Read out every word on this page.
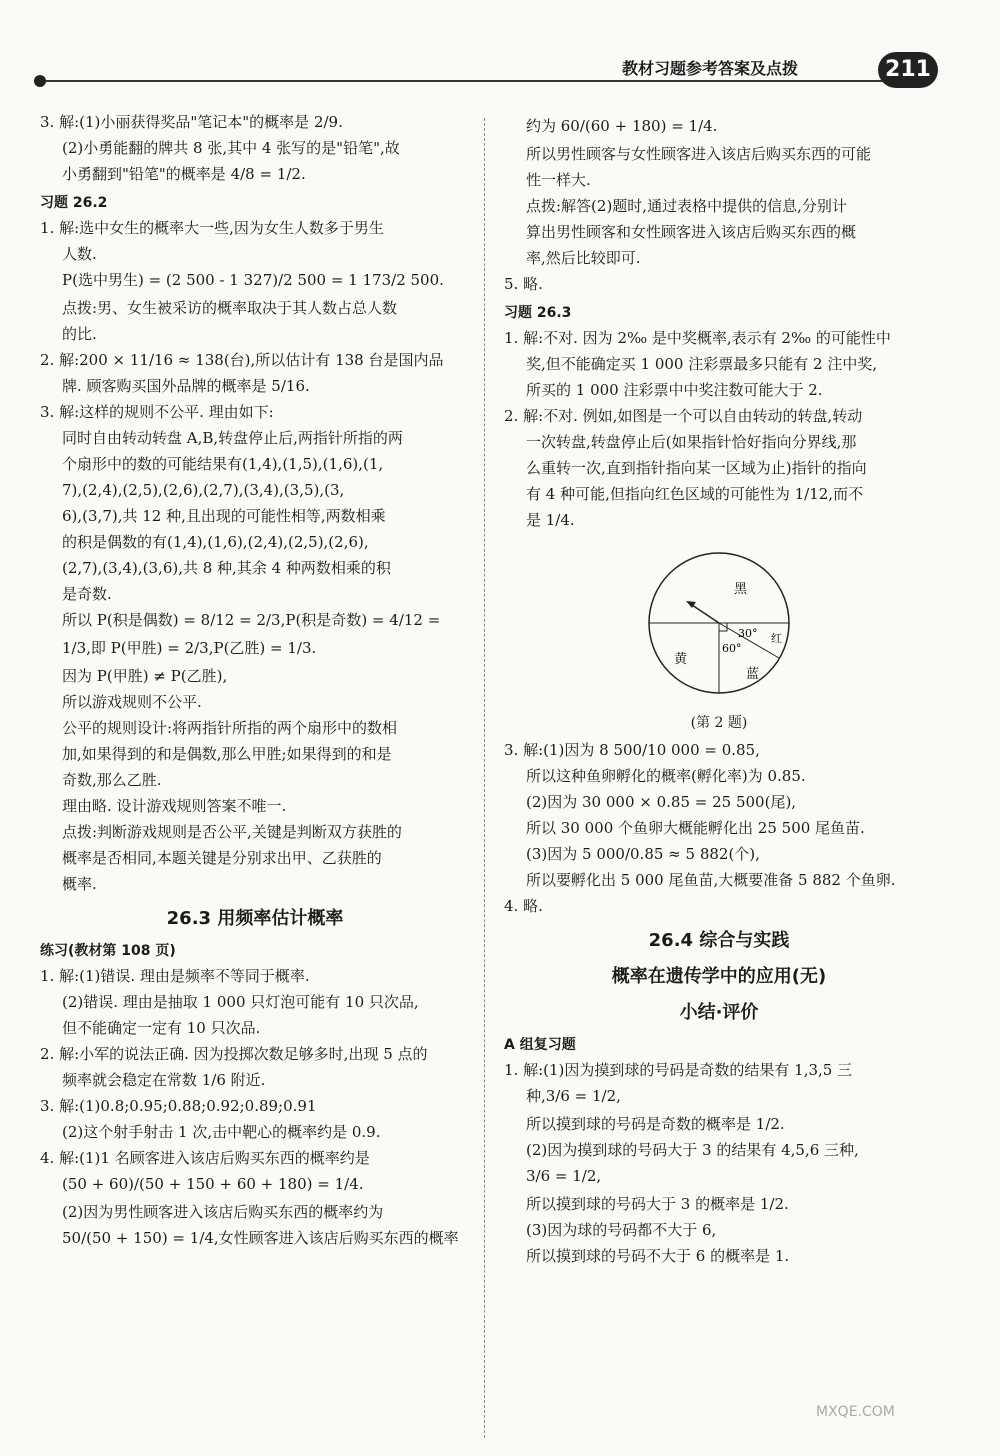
教材习题参考答案及点拨	211
3. 解:(1)小丽获得奖品"笔记本"的概率是 2/9.
(2)小勇能翻的牌共 8 张,其中 4 张写的是"铅笔",故
小勇翻到"铅笔"的概率是 4/8 = 1/2.
习题 26.2
1. 解:选中女生的概率大一些,因为女生人数多于男生
人数.
P(选中男生) = (2 500 - 1 327)/2 500 = 1 173/2 500.
点拨:男、女生被采访的概率取决于其人数占总人数
的比.
2. 解:200 × 11/16 ≈ 138(台),所以估计有 138 台是国内品
牌. 顾客购买国外品牌的概率是 5/16.
3. 解:这样的规则不公平. 理由如下:
同时自由转动转盘 A,B,转盘停止后,两指针所指的两
个扇形中的数的可能结果有(1,4),(1,5),(1,6),(1,
7),(2,4),(2,5),(2,6),(2,7),(3,4),(3,5),(3,
6),(3,7),共 12 种,且出现的可能性相等,两数相乘
的积是偶数的有(1,4),(1,6),(2,4),(2,5),(2,6),
(2,7),(3,4),(3,6),共 8 种,其余 4 种两数相乘的积
是奇数.
所以 P(积是偶数) = 8/12 = 2/3,P(积是奇数) = 4/12 =
1/3,即 P(甲胜) = 2/3,P(乙胜) = 1/3.
因为 P(甲胜) ≠ P(乙胜),
所以游戏规则不公平.
公平的规则设计:将两指针所指的两个扇形中的数相
加,如果得到的和是偶数,那么甲胜;如果得到的和是
奇数,那么乙胜.
理由略. 设计游戏规则答案不唯一.
点拨:判断游戏规则是否公平,关键是判断双方获胜的
概率是否相同,本题关键是分别求出甲、乙获胜的
概率.
26.3 用频率估计概率
练习(教材第 108 页)
1. 解:(1)错误. 理由是频率不等同于概率.
(2)错误. 理由是抽取 1 000 只灯泡可能有 10 只次品,
但不能确定一定有 10 只次品.
2. 解:小军的说法正确. 因为投掷次数足够多时,出现 5 点的
频率就会稳定在常数 1/6 附近.
3. 解:(1)0.8;0.95;0.88;0.92;0.89;0.91
(2)这个射手射击 1 次,击中靶心的概率约是 0.9.
4. 解:(1)1 名顾客进入该店后购买东西的概率约是
(50 + 60)/(50 + 150 + 60 + 180) = 1/4.
(2)因为男性顾客进入该店后购买东西的概率约为
50/(50 + 150) = 1/4,女性顾客进入该店后购买东西的概率
约为 60/(60 + 180) = 1/4.
所以男性顾客与女性顾客进入该店后购买东西的可能
性一样大.
点拨:解答(2)题时,通过表格中提供的信息,分别计
算出男性顾客和女性顾客进入该店后购买东西的概
率,然后比较即可.
5. 略.
习题 26.3
1. 解:不对. 因为 2‰ 是中奖概率,表示有 2‰ 的可能性中
奖,但不能确定买 1 000 注彩票最多只能有 2 注中奖,
所买的 1 000 注彩票中中奖注数可能大于 2.
2. 解:不对. 例如,如图是一个可以自由转动的转盘,转动
一次转盘,转盘停止后(如果指针恰好指向分界线,那
么重转一次,直到指针指向某一区域为止)指针的指向
有 4 种可能,但指向红色区域的可能性为 1/12,而不
是 1/4.
黑
红
黄
蓝
30°
60°
(第 2 题)
3. 解:(1)因为 8 500/10 000 = 0.85,
所以这种鱼卵孵化的概率(孵化率)为 0.85.
(2)因为 30 000 × 0.85 = 25 500(尾),
所以 30 000 个鱼卵大概能孵化出 25 500 尾鱼苗.
(3)因为 5 000/0.85 ≈ 5 882(个),
所以要孵化出 5 000 尾鱼苗,大概要准备 5 882 个鱼卵.
4. 略.
26.4 综合与实践
概率在遗传学中的应用(无)
小结·评价
A 组复习题
1. 解:(1)因为摸到球的号码是奇数的结果有 1,3,5 三
种,3/6 = 1/2,
所以摸到球的号码是奇数的概率是 1/2.
(2)因为摸到球的号码大于 3 的结果有 4,5,6 三种,
3/6 = 1/2,
所以摸到球的号码大于 3 的概率是 1/2.
(3)因为球的号码都不大于 6,
所以摸到球的号码不大于 6 的概率是 1.
MXQE.COM
